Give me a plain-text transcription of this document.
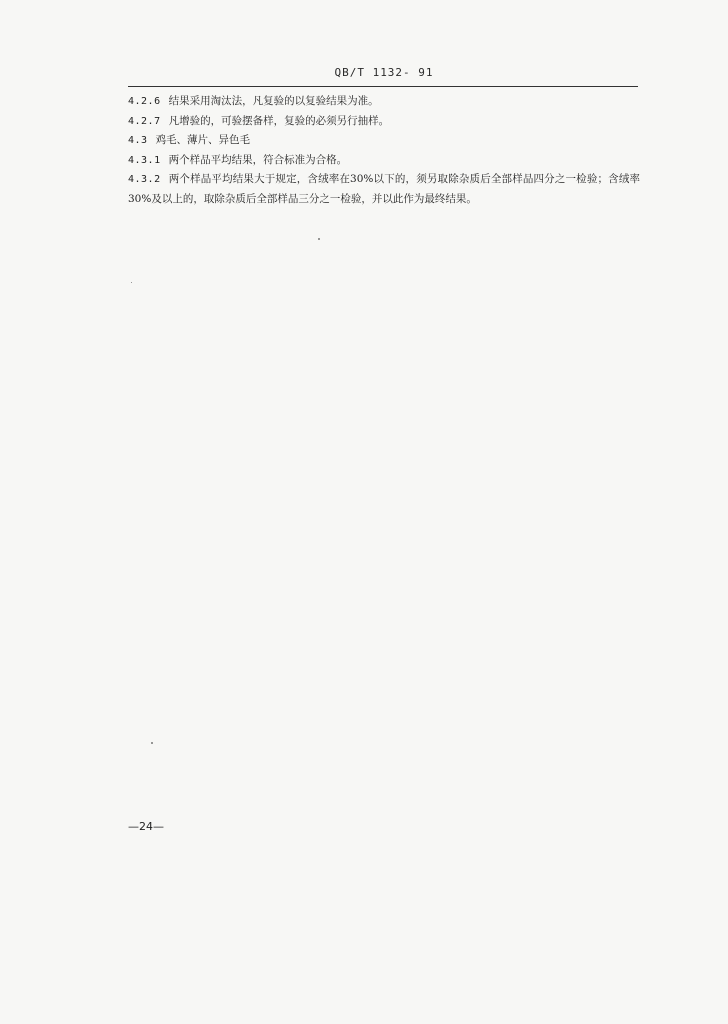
QB/T 1132- 91
4.2.6 结果采用淘汰法，凡复验的以复验结果为准。
4.2.7 凡增验的，可验摆备样，复验的必须另行抽样。
4.3 鸡毛、薄片、异色毛
4.3.1 两个样品平均结果，符合标准为合格。
4.3.2 两个样品平均结果大于规定，含绒率在30%以下的，须另取除杂质后全部样品四分之一检验；含绒率30%及以上的，取除杂质后全部样品三分之一检验，并以此作为最终结果。
—24—
